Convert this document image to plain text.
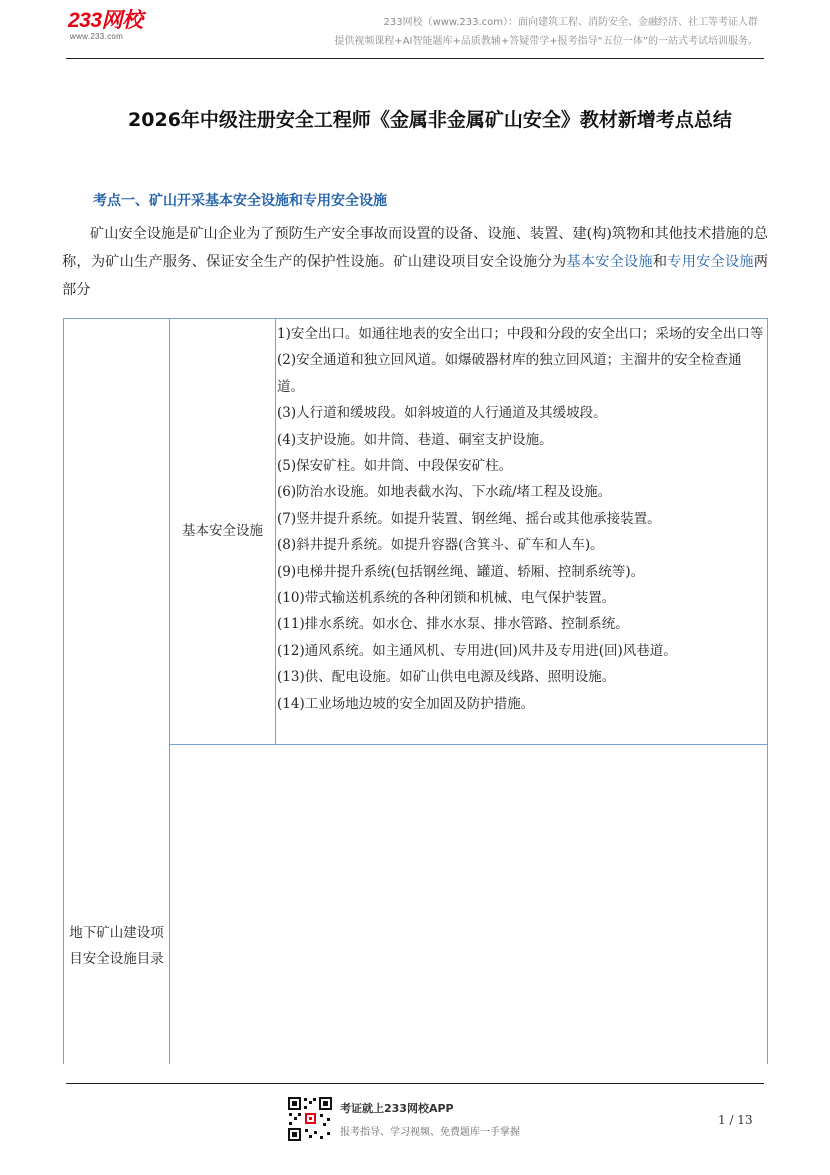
233网校
www.233.com
233网校（www.233.com）：面向建筑工程、消防安全、金融经济、社工等考证人群
提供视频课程+AI智能题库+品质教辅+答疑带学+报考指导“五位一体”的一站式考试培训服务。
2026年中级注册安全工程师《金属非金属矿山安全》教材新增考点总结
考点一、矿山开采基本安全设施和专用安全设施
矿山安全设施是矿山企业为了预防生产安全事故而设置的设备、设施、装置、建(构)筑物和其他技术措施的总称，为矿山生产服务、保证安全生产的保护性设施。矿山建设项目安全设施分为基本安全设施和专用安全设施两部分
地下矿山建设项目安全设施目录
基本安全设施
1)安全出口。如通往地表的安全出口；中段和分段的安全出口；采场的安全出口等
(2)安全通道和独立回风道。如爆破器材库的独立回风道；主溜井的安全检查通道。
(3)人行道和缓坡段。如斜坡道的人行通道及其缓坡段。
(4)支护设施。如井筒、巷道、硐室支护设施。
(5)保安矿柱。如井筒、中段保安矿柱。
(6)防治水设施。如地表截水沟、下水疏/堵工程及设施。
(7)竖井提升系统。如提升装置、钢丝绳、摇台或其他承接装置。
(8)斜井提升系统。如提升容器(含箕斗、矿车和人车)。
(9)电梯井提升系统(包括钢丝绳、罐道、轿厢、控制系统等)。
(10)带式输送机系统的各种闭锁和机械、电气保护装置。
(11)排水系统。如水仓、排水水泵、排水管路、控制系统。
(12)通风系统。如主通风机、专用进(回)风井及专用进(回)风巷道。
(13)供、配电设施。如矿山供电电源及线路、照明设施。
(14)工业场地边坡的安全加固及防护措施。
考证就上233网校APP
报考指导、学习视频、免费题库一手掌握
1 / 13
